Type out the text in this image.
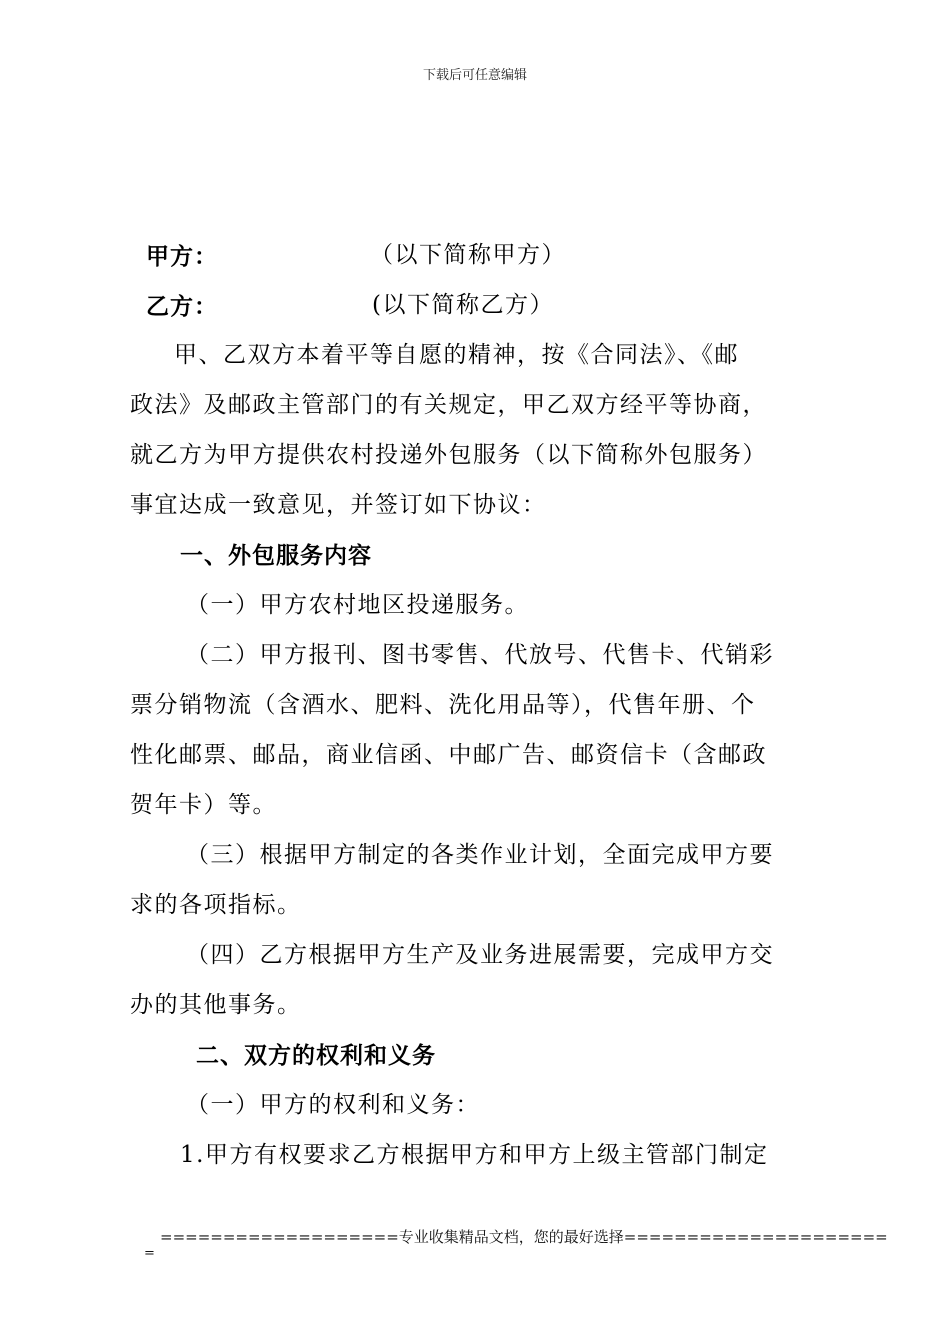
下载后可任意编辑
甲方：	（以下简称甲方）
乙方：	(以下简称乙方）
甲、乙双方本着平等自愿的精神，按《合同法》、《邮
政法》及邮政主管部门的有关规定，甲乙双方经平等协商，
就乙方为甲方提供农村投递外包服务（以下简称外包服务）
事宜达成一致意见，并签订如下协议：
一、外包服务内容
（一）甲方农村地区投递服务。
（二）甲方报刊、图书零售、代放号、代售卡、代销彩
票分销物流（含酒水、肥料、洗化用品等），代售年册、个
性化邮票、邮品，商业信函、中邮广告、邮资信卡（含邮政
贺年卡）等。
（三）根据甲方制定的各类作业计划，全面完成甲方要
求的各项指标。
（四）乙方根据甲方生产及业务进展需要，完成甲方交
办的其他事务。
二、双方的权利和义务
（一）甲方的权利和义务：
1.甲方有权要求乙方根据甲方和甲方上级主管部门制定
===================专业收集精品文档，您的最好选择=====================
=
